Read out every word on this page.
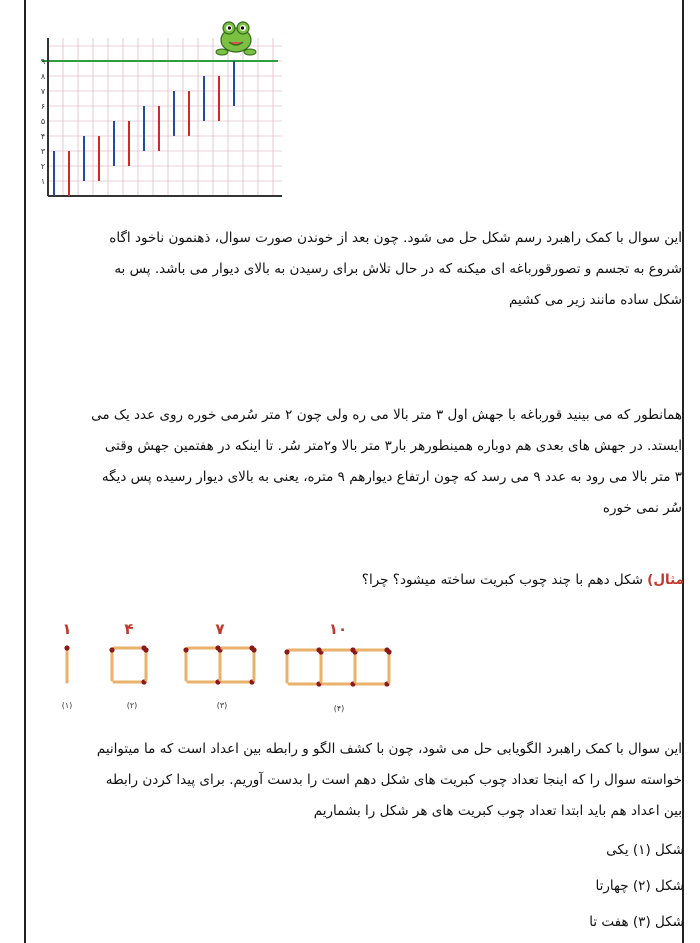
۱
۲
۳
۴
۵
۶
۷
۸
۹
این سوال با کمک راهبرد رسم شکل حل می شود. چون بعد از خوندن صورت سوال، ذهنمون ناخود اگاه
شروع به تجسم و تصورقورباغه ای میکنه که در حال تلاش برای رسیدن به بالای دیوار می باشد. پس به
شکل ساده مانند زیر می کشیم
همانطور که می بینید قورباغه با جهش اول ۳ متر بالا می ره ولی چون ۲ متر سُرمی خوره روی عدد یک می
ایستد. در جهش های بعدی هم دوباره همینطورهر بار۳ متر بالا و۲متر سُر. تا اینکه در هفتمین جهش وقتی
۳ متر بالا می رود به عدد ۹ می رسد که چون ارتفاع دیوارهم ۹ متره، یعنی به بالای دیوار رسیده پس دیگه
سُر نمی خوره
مثال) شکل دهم با چند چوب کبریت ساخته میشود؟ چرا؟
۱	۴	۷	۱۰
(۱)	(۲)	(۳)	(۴)
این سوال با کمک راهبرد الگویابی حل می شود، چون با کشف الگو و رابطه بین اعداد است که ما میتوانیم
خواسته سوال را که اینجا تعداد چوب کبریت های شکل دهم است را بدست آوریم. برای پیدا کردن رابطه
بین اعداد هم باید ابتدا تعداد چوب کبریت های هر شکل را بشماریم
شکل (۱) یکی
شکل (۲) چهارتا
شکل (۳) هفت تا
